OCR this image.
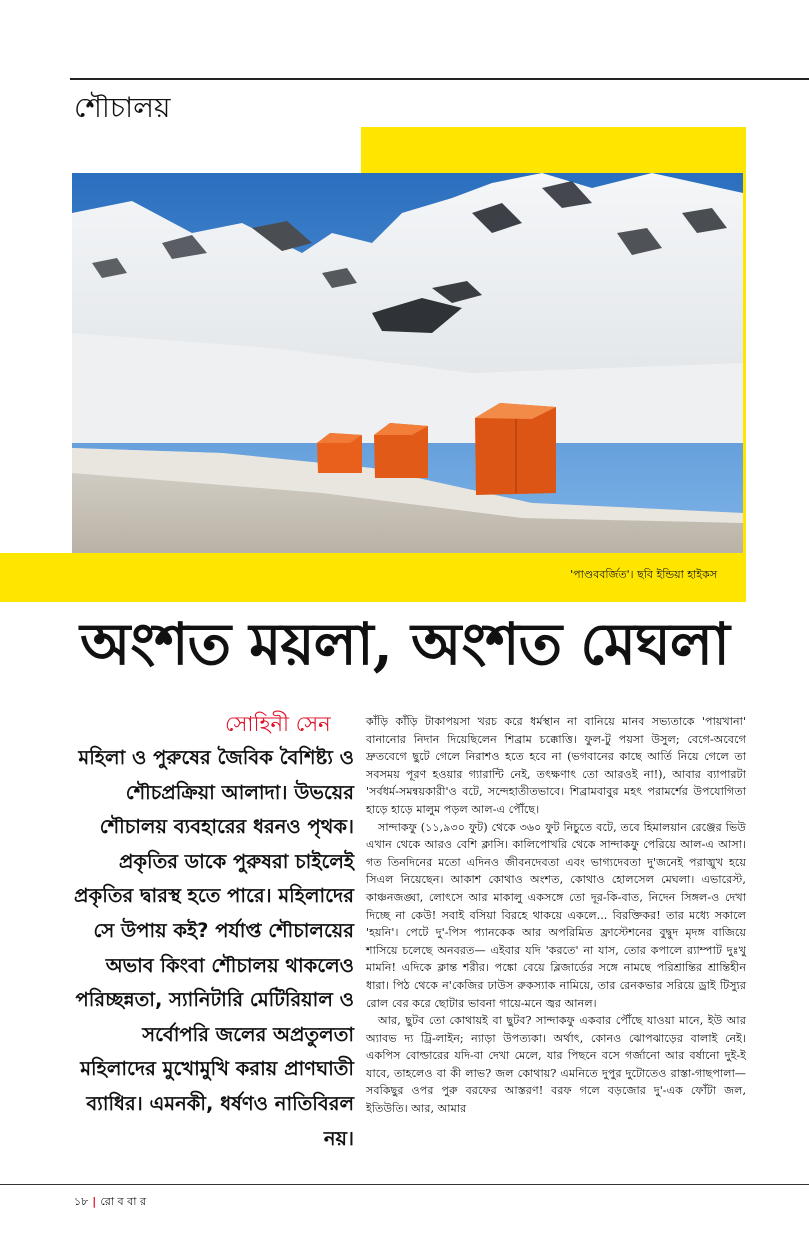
শৌচালয়
'পাণ্ডববর্জিত'। ছবি ইন্ডিয়া হাইকস
অংশত ময়লা, অংশত মেঘলা
সোহিনী সেন
মহিলা ও পুরুষের জৈবিক বৈশিষ্ট্য ও শৌচপ্রক্রিয়া আলাদা। উভয়ের শৌচালয় ব্যবহারের ধরনও পৃথক। প্রকৃতির ডাকে পুরুষরা চাইলেই প্রকৃতির দ্বারস্থ হতে পারে। মহিলাদের সে উপায় কই? পর্যাপ্ত শৌচালয়ের অভাব কিংবা শৌচালয় থাকলেও পরিচ্ছন্নতা, স্যানিটারি মেটিরিয়াল ও সর্বোপরি জলের অপ্রতুলতা মহিলাদের মুখোমুখি করায় প্রাণঘাতী ব্যাধির। এমনকী, ধর্ষণও নাতিবিরল নয়।

কাঁড়ি কাঁড়ি টাকাপয়সা খরচ করে ধর্মস্থান না বানিয়ে মানব সভ্যতাকে 'পায়খানা' বানানোর নিদান দিয়েছিলেন শিব্রাম চক্কোত্তি। ফুল-টু পয়সা উসুল; বেগে-অবেগে দ্রুতবেগে ছুটে গেলে নিরাশও হতে হবে না (ভগবানের কাছে আর্তি নিয়ে গেলে তা সবসময় পূরণ হওয়ার গ্যারান্টি নেই, তৎক্ষণাৎ তো আরওই না!), আবার ব্যাপারটা 'সর্বধর্ম-সমন্বয়কারী'ও বটে, সন্দেহাতীতভাবে। শিব্রামবাবুর মহৎ পরামর্শের উপযোগিতা হাড়ে হাড়ে মালুম পড়ল আল-এ পৌঁছে।

সান্দাকফু (১১,৯৩০ ফুট) থেকে ৩৬০ ফুট নিচুতে বটে, তবে হিমালয়ান রেঞ্জের ভিউ এখান থেকে আরও বেশি ক্লাসি। কালিপোখরি থেকে সান্দাকফু পেরিয়ে আল-এ আসা। গত তিনদিনের মতো এদিনও জীবনদেবতা এবং ভাগ্যদেবতা দু'জনেই পরাঙ্মুখ হয়ে সিএল নিয়েছেন। আকাশ কোথাও অংশত, কোথাও হোলসেল মেঘলা। এভারেস্ট, কাঞ্চনজঙ্ঘা, লোৎসে আর মাকালু একসঙ্গে তো দূর-কি-বাত, নিদেন সিঙ্গল-ও দেখা দিচ্ছে না কেউ! সবাই বসিয়া বিরহে থাকয়ে একলে... বিরক্তিকর! তার মধ্যে সকালে 'হয়নি'। পেটে দু'-পিস প্যানকেক আর অপরিমিত ফ্রাস্টেশনের বুদ্বুদ মৃদঙ্গ বাজিয়ে শাসিয়ে চলেছে অনবরত— এইবার যদি 'করতে' না যাস, তোর কপালে র‍্যাম্পাট দুঃখু মামনি! এদিকে ক্লান্ত শরীর। পঙ্কো বেয়ে ব্লিজার্ডের সঙ্গে নামছে পরিশ্রান্তির শ্রান্তিহীন ধারা। পিঠ থেকে ন'কেজির ঢাউস রুকস্যাক নামিয়ে, তার রেনকভার সরিয়ে ড্রাই টিস্যুর রোল বের করে ছোটার ভাবনা গায়ে-মনে জ্বর আনল।

আর, ছুটব তো কোথায়ই বা ছুটব? সান্দাকফু একবার পৌঁছে যাওয়া মানে, ইউ আর অ্যাবভ দ্য ট্রি-লাইন; ন্যাড়া উপত্যকা। অর্থাৎ, কোনও ঝোপঝাড়ের বালাই নেই। একপিস বোল্ডারের যদি-বা দেখা মেলে, যার পিছনে বসে গর্জানো আর বর্ষানো দুই-ই যাবে, তাহলেও বা কী লাভ? জল কোথায়? এমনিতে দুপুর দুটোতেও রাস্তা-গাছপালা— সবকিছুর ওপর পুরু বরফের আস্তরণ! বরফ গলে বড়জোর দু'-এক ফোঁটা জল, ইতিউতি। আর, আমার

১৮ | রো ব বা র
